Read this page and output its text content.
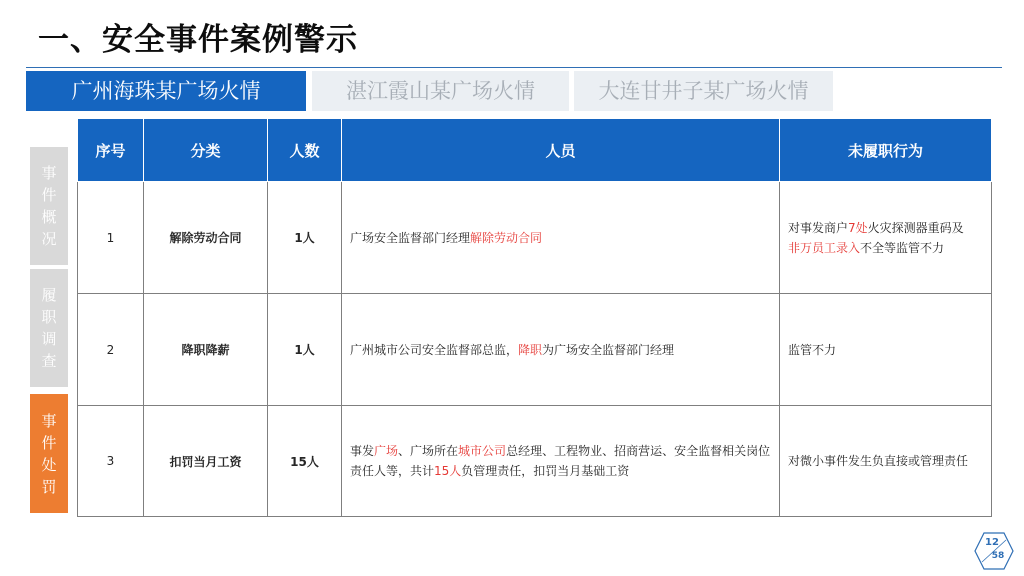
一、安全事件案例警示
广州海珠某广场火情	湛江霞山某广场火情	大连甘井子某广场火情
事
件
概
况
履
职
调
查
事
件
处
罚
序号	分类	人数	人员	未履职行为
1	解除劳动合同	1人	广场安全监督部门经理解除劳动合同	对事发商户7处火灾探测器重码及
非万员工录入不全等监管不力
2	降职降薪	1人	广州城市公司安全监督部总监，降职为广场安全监督部门经理	监管不力
3	扣罚当月工资	15人	事发广场、广场所在城市公司总经理、工程物业、招商营运、安全监督相关岗位责任人等，共计15人负管理责任，扣罚当月基础工资	对微小事件发生负直接或管理责任
12
58
